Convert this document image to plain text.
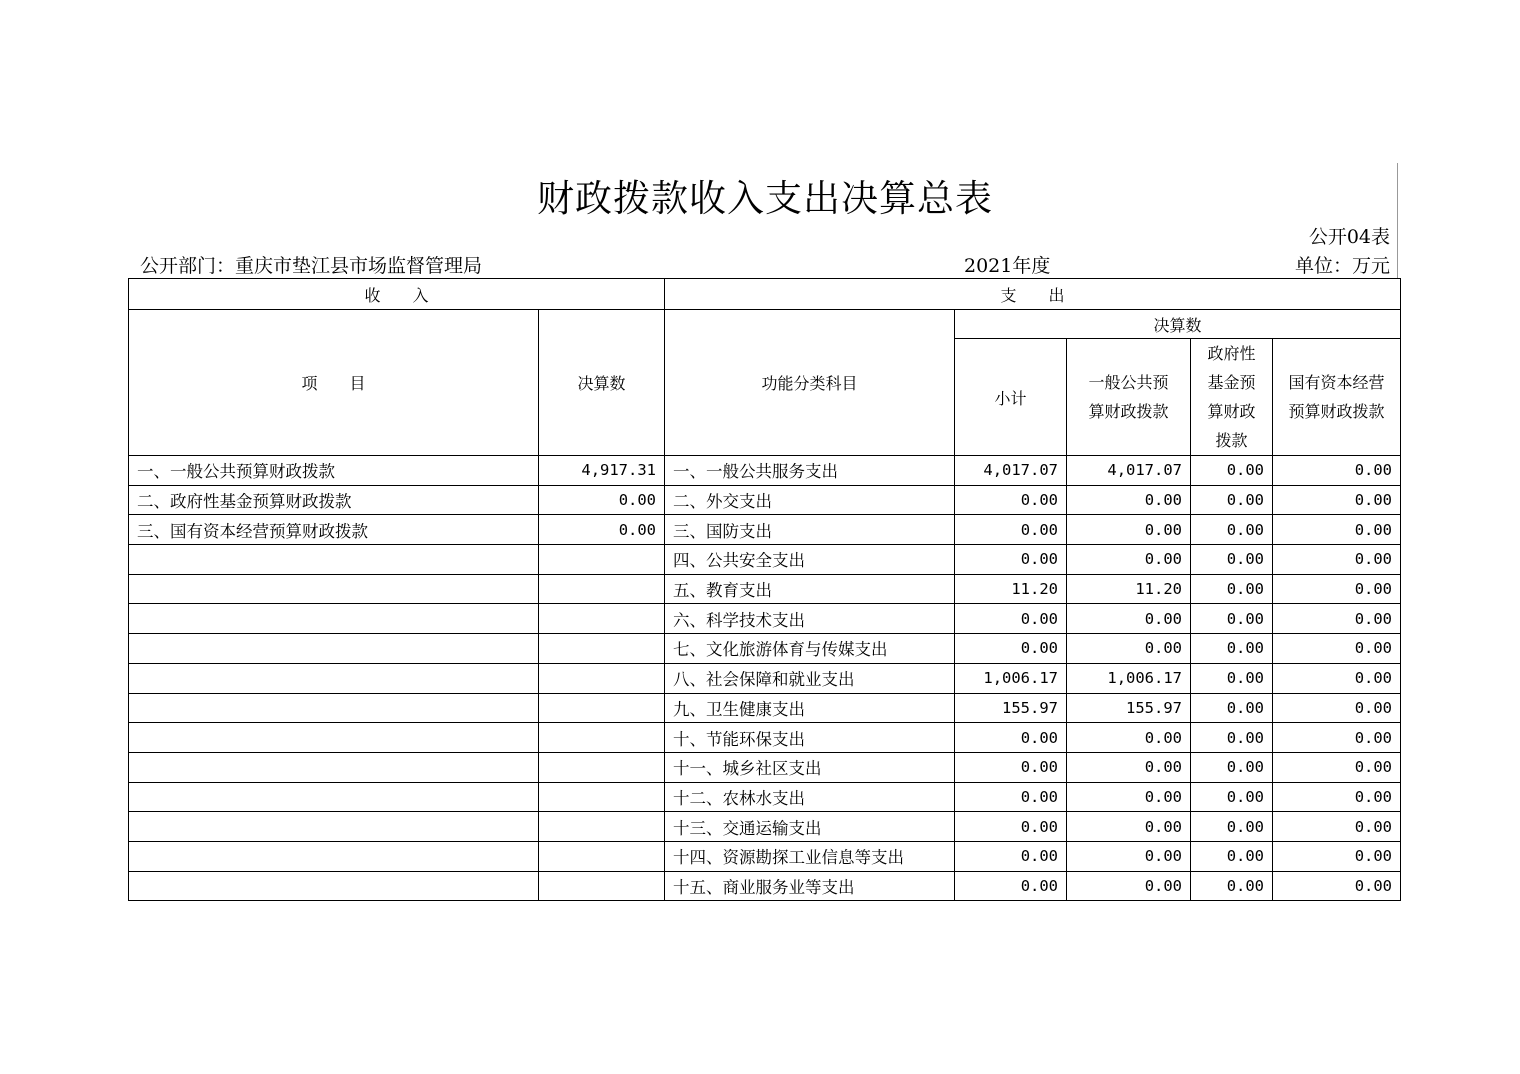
财政拨款收入支出决算总表
公开04表
公开部门：重庆市垫江县市场监督管理局	2021年度	单位：万元
收　　入		支　　出				
项　　目	决算数	功能分类科目	决算数			
			小计	一般公共预算财政拨款	政府性基金预算财政拨款	国有资本经营预算财政拨款
一、一般公共预算财政拨款	4,917.31	一、一般公共服务支出	4,017.07	4,017.07	0.00	0.00
二、政府性基金预算财政拨款	0.00	二、外交支出	0.00	0.00	0.00	0.00
三、国有资本经营预算财政拨款	0.00	三、国防支出	0.00	0.00	0.00	0.00
		四、公共安全支出	0.00	0.00	0.00	0.00
		五、教育支出	11.20	11.20	0.00	0.00
		六、科学技术支出	0.00	0.00	0.00	0.00
		七、文化旅游体育与传媒支出	0.00	0.00	0.00	0.00
		八、社会保障和就业支出	1,006.17	1,006.17	0.00	0.00
		九、卫生健康支出	155.97	155.97	0.00	0.00
		十、节能环保支出	0.00	0.00	0.00	0.00
		十一、城乡社区支出	0.00	0.00	0.00	0.00
		十二、农林水支出	0.00	0.00	0.00	0.00
		十三、交通运输支出	0.00	0.00	0.00	0.00
		十四、资源勘探工业信息等支出	0.00	0.00	0.00	0.00
		十五、商业服务业等支出	0.00	0.00	0.00	0.00
